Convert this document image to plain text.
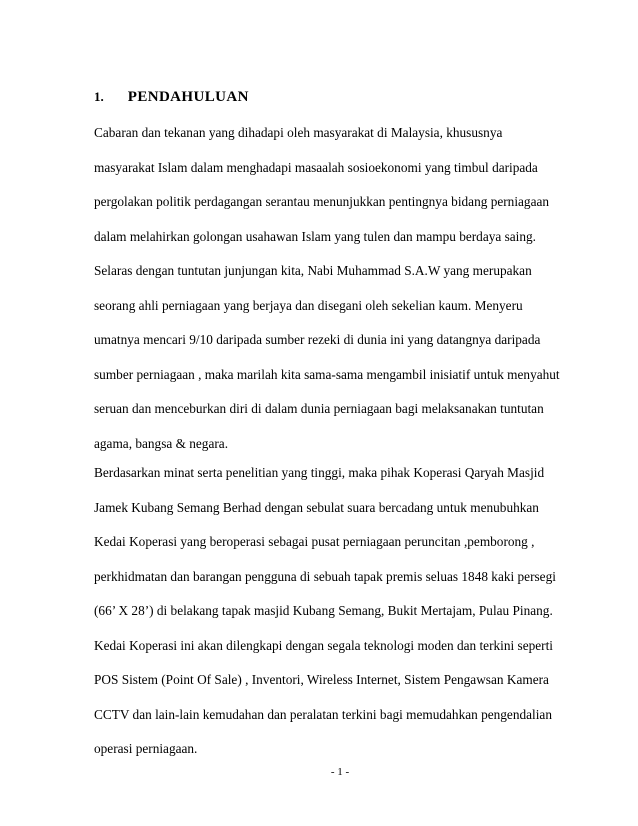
1. PENDAHULUAN
Cabaran dan tekanan yang dihadapi oleh masyarakat di Malaysia, khususnya
masyarakat Islam dalam menghadapi masaalah sosioekonomi yang timbul daripada
pergolakan politik perdagangan serantau menunjukkan pentingnya bidang perniagaan
dalam melahirkan golongan usahawan Islam yang tulen dan mampu berdaya saing.
Selaras dengan tuntutan junjungan kita, Nabi Muhammad S.A.W yang merupakan
seorang ahli perniagaan yang berjaya dan disegani oleh sekelian kaum. Menyeru
umatnya mencari 9/10 daripada sumber rezeki di dunia ini yang datangnya daripada
sumber perniagaan , maka marilah kita sama-sama mengambil inisiatif untuk menyahut
seruan dan menceburkan diri di dalam dunia perniagaan bagi melaksanakan tuntutan
agama, bangsa & negara.
Berdasarkan minat serta penelitian yang tinggi, maka pihak Koperasi Qaryah Masjid
Jamek Kubang Semang Berhad dengan sebulat suara bercadang untuk menubuhkan
Kedai Koperasi yang beroperasi sebagai pusat perniagaan peruncitan ,pemborong ,
perkhidmatan dan barangan pengguna di sebuah tapak premis seluas 1848 kaki persegi
(66’ X 28’) di belakang tapak masjid Kubang Semang, Bukit Mertajam, Pulau Pinang.
Kedai Koperasi ini akan dilengkapi dengan segala teknologi moden dan terkini seperti
POS Sistem (Point Of Sale) , Inventori, Wireless Internet, Sistem Pengawsan Kamera
CCTV dan lain-lain kemudahan dan peralatan terkini bagi memudahkan pengendalian
operasi perniagaan.
- 1 -
